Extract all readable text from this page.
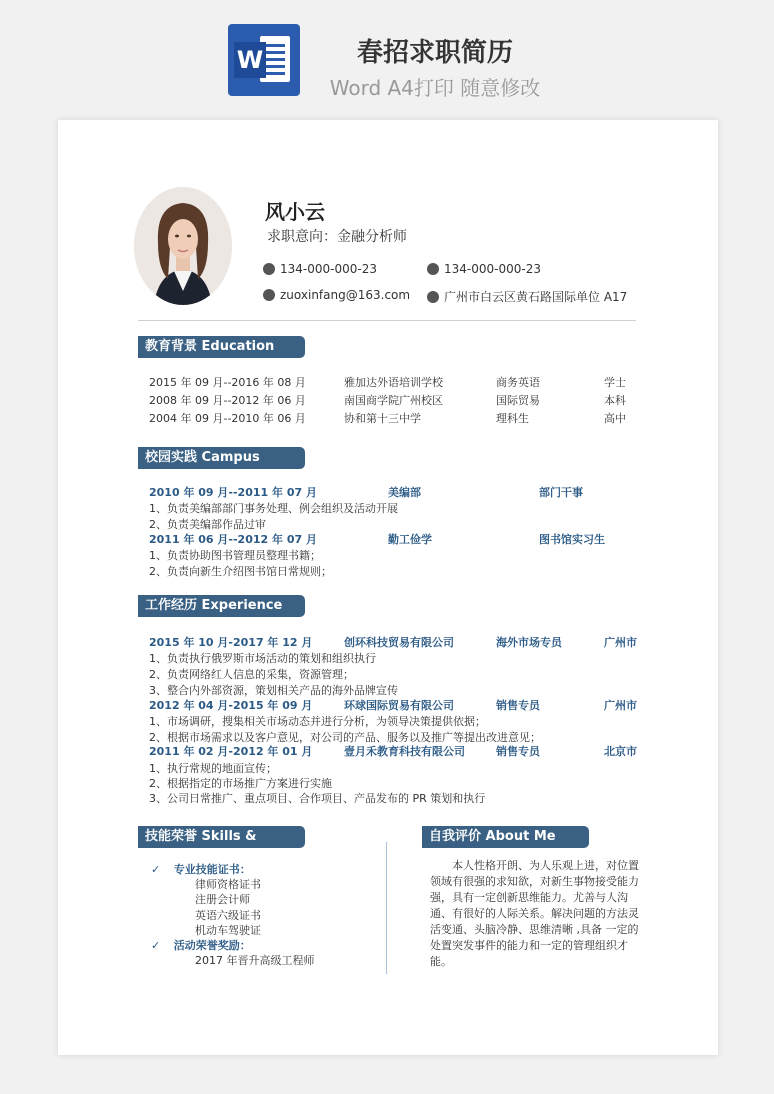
W	春招求职简历
Word A4打印 随意修改
风小云
求职意向：金融分析师
134-000-000-23	134-000-000-23
zuoxinfang@163.com	广州市白云区黄石路国际单位 A17
教育背景 Education
2015 年 09 月--2016 年 08 月	雅加达外语培训学校	商务英语	学士
2008 年 09 月--2012 年 06 月	南国商学院广州校区	国际贸易	本科
2004 年 09 月--2010 年 06 月	协和第十三中学	理科生	高中
校园实践 Campus Practice
2010 年 09 月--2011 年 07 月	美编部	部门干事
1、负责美编部部门事务处理、例会组织及活动开展
2、负责美编部作品过审
2011 年 06 月--2012 年 07 月	勤工俭学	图书馆实习生
1、负责协助图书管理员整理书籍；
2、负责向新生介绍图书馆日常规则；
工作经历 Experience
2015 年 10 月-2017 年 12 月	创环科技贸易有限公司	海外市场专员	广州市
1、负责执行俄罗斯市场活动的策划和组织执行
2、负责网络红人信息的采集，资源管理；
3、整合内外部资源，策划相关产品的海外品牌宣传
2012 年 04 月-2015 年 09 月	环球国际贸易有限公司	销售专员	广州市
1、市场调研，搜集相关市场动态并进行分析，为领导决策提供依据；
2、根据市场需求以及客户意见，对公司的产品、服务以及推广等提出改进意见；
2011 年 02 月-2012 年 01 月	壹月禾教育科技有限公司	销售专员	北京市
1、执行常规的地面宣传；
2、根据指定的市场推广方案进行实施
3、公司日常推广、重点项目、合作项目、产品发布的 PR 策划和执行
技能荣誉 Skills & Award
✓ 专业技能证书：
律师资格证书
注册会计师
英语六级证书
机动车驾驶证
✓ 活动荣誉奖励：
2017 年晋升高级工程师
自我评价 About Me
本人性格开朗、为人乐观上进，对位置领域有很强的求知欲，对新生事物接受能力强，具有一定创新思维能力。尤善与人沟通、有很好的人际关系。解决问题的方法灵活变通、头脑冷静、思维清晰 ,具备 一定的处置突发事件的能力和一定的管理组织才能。
